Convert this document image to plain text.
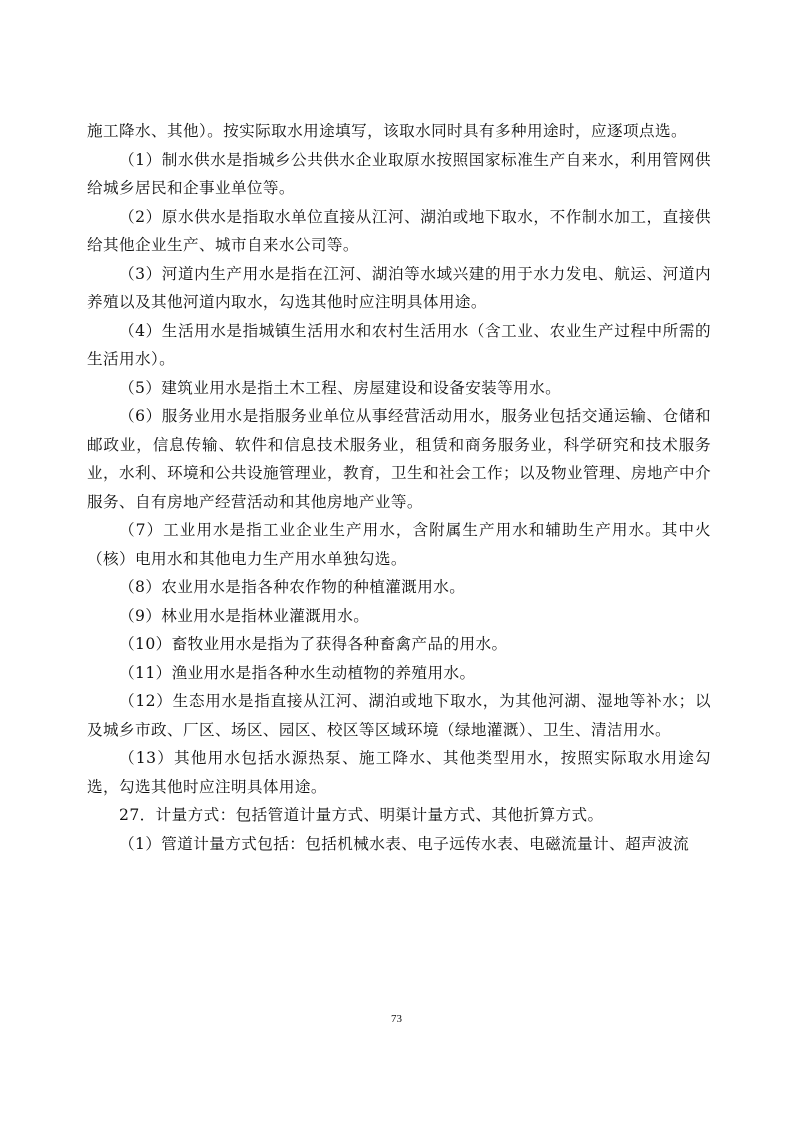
施工降水、其他）。按实际取水用途填写，该取水同时具有多种用途时，应逐项点选。

（1）制水供水是指城乡公共供水企业取原水按照国家标准生产自来水，利用管网供给城乡居民和企事业单位等。

（2）原水供水是指取水单位直接从江河、湖泊或地下取水，不作制水加工，直接供给其他企业生产、城市自来水公司等。

（3）河道内生产用水是指在江河、湖泊等水域兴建的用于水力发电、航运、河道内养殖以及其他河道内取水，勾选其他时应注明具体用途。

（4）生活用水是指城镇生活用水和农村生活用水（含工业、农业生产过程中所需的生活用水）。

（5）建筑业用水是指土木工程、房屋建设和设备安装等用水。

（6）服务业用水是指服务业单位从事经营活动用水，服务业包括交通运输、仓储和邮政业，信息传输、软件和信息技术服务业，租赁和商务服务业，科学研究和技术服务业，水利、环境和公共设施管理业，教育，卫生和社会工作；以及物业管理、房地产中介服务、自有房地产经营活动和其他房地产业等。

（7）工业用水是指工业企业生产用水，含附属生产用水和辅助生产用水。其中火（核）电用水和其他电力生产用水单独勾选。

（8）农业用水是指各种农作物的种植灌溉用水。

（9）林业用水是指林业灌溉用水。

（10）畜牧业用水是指为了获得各种畜禽产品的用水。

（11）渔业用水是指各种水生动植物的养殖用水。

（12）生态用水是指直接从江河、湖泊或地下取水，为其他河湖、湿地等补水；以及城乡市政、厂区、场区、园区、校区等区域环境（绿地灌溉）、卫生、清洁用水。

（13）其他用水包括水源热泵、施工降水、其他类型用水，按照实际取水用途勾选，勾选其他时应注明具体用途。

27．计量方式：包括管道计量方式、明渠计量方式、其他折算方式。

（1）管道计量方式包括：包括机械水表、电子远传水表、电磁流量计、超声波流

73
